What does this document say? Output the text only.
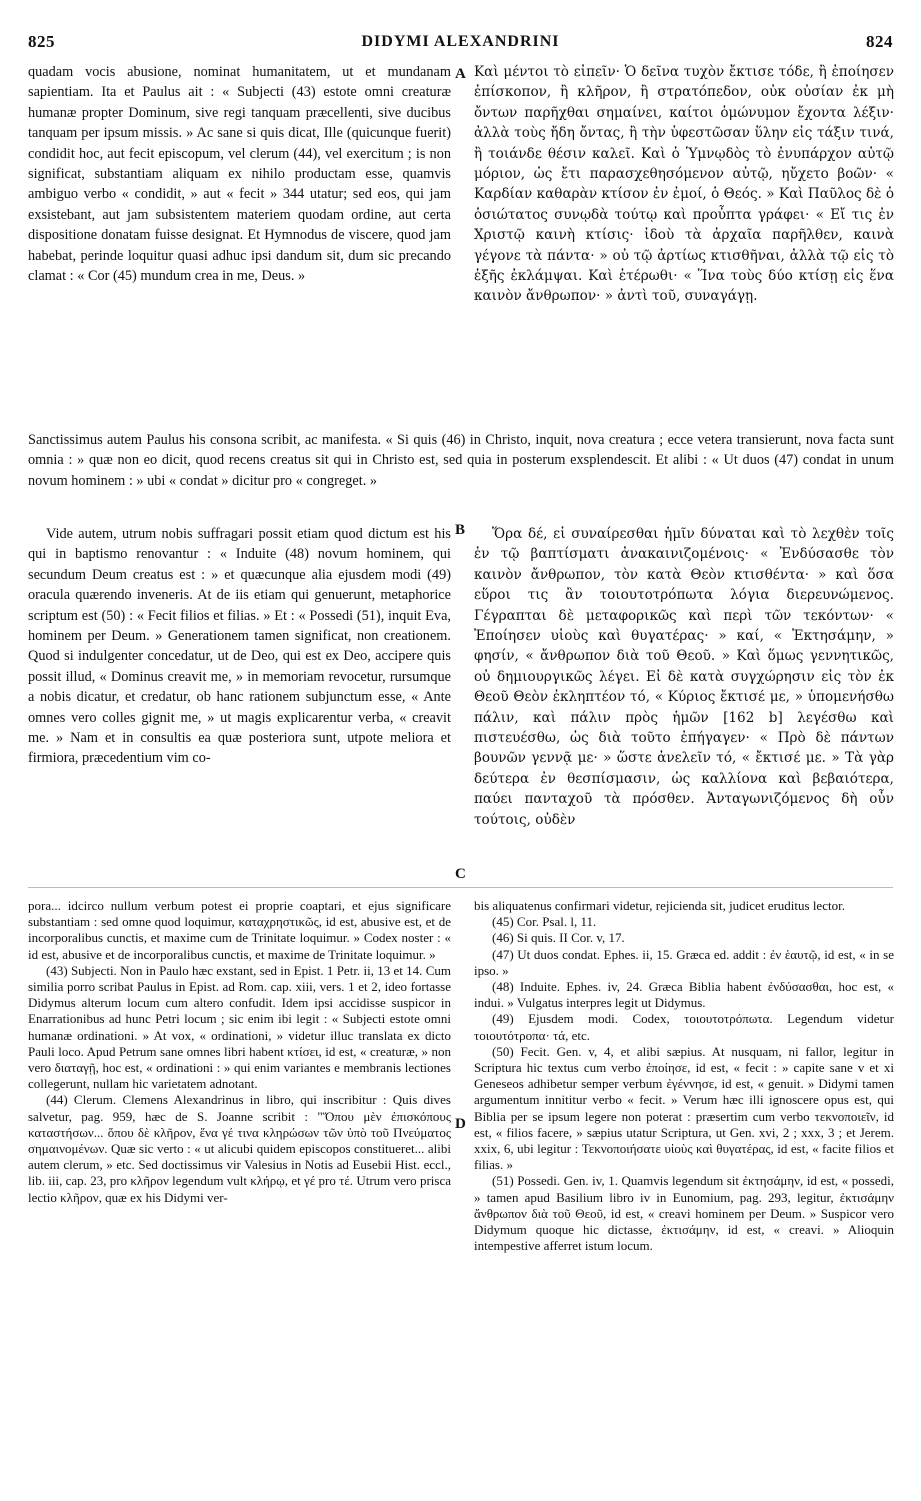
825	DIDYMI ALEXANDRINI	824

quadam vocis abusione, nominat humanitatem, ut et mundanam sapientiam. Ita et Paulus ait : « Subjecti (43) estote omni creaturæ humanæ propter Dominum, sive regi tanquam præcellenti, sive ducibus tanquam per ipsum missis. » Ac sane si quis dicat, Ille (quicunque fuerit) condidit hoc, aut fecit episcopum, vel clerum (44), vel exercitum ; is non significat, substantiam aliquam ex nihilo productam esse, quamvis ambiguo verbo « condidit, » aut « fecit » 344 utatur; sed eos, qui jam exsistebant, aut jam subsistentem materiem quodam ordine, aut certa dispositione donatam fuisse designat. Et Hymnodus de viscere, quod jam habebat, perinde loquitur quasi adhuc ipsi dandum sit, dum sic precando clamat : « Cor (45) mundum crea in me, Deus. »

A Καὶ μέντοι τὸ εἰπεῖν· Ὁ δεῖνα τυχὸν ἔκτισε τόδε, ἢ ἐποίησεν ἐπίσκοπον, ἢ κλῆρον, ἢ στρατόπεδον, οὐκ οὐσίαν ἐκ μὴ ὄντων παρῆχθαι σημαίνει, καίτοι ὁμώνυμον ἔχοντα λέξιν· ἀλλὰ τοὺς ἤδη ὄντας, ἢ τὴν ὑφεστῶσαν ὕλην εἰς τάξιν τινά, ἢ τοιάνδε θέσιν καλεῖ. Καὶ ὁ Ὑμνῳδὸς τὸ ἐνυπάρχον αὐτῷ μόριον, ὡς ἔτι παρασχεθησόμενον αὐτῷ, ηὔχετο βοῶν· « Καρδίαν καθαρὰν κτίσον ἐν ἐμοί, ὁ Θεός. » Καὶ Παῦλος δὲ ὁ ὁσιώτατος συνῳδὰ τούτῳ καὶ προὖπτα γράφει· « Εἴ τις ἐν Χριστῷ καινὴ κτίσις· ἰδοὺ τὰ ἀρχαῖα παρῆλθεν, καινὰ γέγονε τὰ πάντα· » οὐ τῷ ἀρτίως κτισθῆναι, ἀλλὰ τῷ εἰς τὸ ἑξῆς ἐκλάμψαι. Καὶ ἑτέρωθι· « Ἵνα τοὺς δύο κτίσῃ εἰς ἕνα καινὸν ἄνθρωπον· » ἀντὶ τοῦ, συναγάγῃ.

Sanctissimus autem Paulus his consona scribit, ac manifesta. « Si quis (46) in Christo, inquit, nova creatura ; ecce vetera transierunt, nova facta sunt omnia : » quæ non eo dicit, quod recens creatus sit qui in Christo est, sed quia in posterum exsplendescit. Et alibi : « Ut duos (47) condat in unum novum hominem : » ubi « condat » dicitur pro « congreget. »

Vide autem, utrum nobis suffragari possit etiam quod dictum est his qui in baptismo renovantur : « Induite (48) novum hominem, qui secundum Deum creatus est : » et quæcunque alia ejusdem modi (49) oracula quærendo inveneris. At de iis etiam qui genuerunt, metaphorice scriptum est (50) : « Fecit filios et filias. » Et : « Possedi (51), inquit Eva, hominem per Deum. » Generationem tamen significat, non creationem. Quod si indulgenter concedatur, ut de Deo, qui est ex Deo, accipere quis possit illud, « Dominus creavit me, » in memoriam revocetur, rursumque a nobis dicatur, et credatur, ob hanc rationem subjunctum esse, « Ante omnes vero colles gignit me, » ut magis explicarentur verba, « creavit me. » Nam et in consultis ea quæ posteriora sunt, utpote meliora et firmiora, præcedentium vim co-

B
C

Ὅρα δέ, εἰ συναίρεσθαι ἡμῖν δύναται καὶ τὸ λεχθὲν τοῖς ἐν τῷ βαπτίσματι ἀνακαινιζομένοις· « Ἐνδύσασθε τὸν καινὸν ἄνθρωπον, τὸν κατὰ Θεὸν κτισθέντα· » καὶ ὅσα εὕροι τις ἂν τοιουτοτρόπωτα λόγια διερευνώμενος. Γέγραπται δὲ μεταφορικῶς καὶ περὶ τῶν τεκόντων· « Ἐποίησεν υἱοὺς καὶ θυγατέρας· » καί, « Ἐκτησάμην, » φησίν, « ἄνθρωπον διὰ τοῦ Θεοῦ. » Καὶ ὅμως γεννητικῶς, οὐ δημιουργικῶς λέγει. Εἰ δὲ κατὰ συγχώρησιν εἰς τὸν ἐκ Θεοῦ Θεὸν ἐκληπτέον τό, « Κύριος ἔκτισέ με, » ὑπομενήσθω πάλιν, καὶ πάλιν πρὸς ἡμῶν [162 b] λεγέσθω καὶ πιστευέσθω, ὡς διὰ τοῦτο ἐπήγαγεν· « Πρὸ δὲ πάντων βουνῶν γεννᾷ με· » ὥστε ἀνελεῖν τό, « ἔκτισέ με. » Τὰ γὰρ δεύτερα ἐν θεσπίσμασιν, ὡς καλλίονα καὶ βεβαιότερα, παύει πανταχοῦ τὰ πρόσθεν. Ἀνταγωνιζόμενος δὴ οὖν τούτοις, οὐδὲν

pora... idcirco nullum verbum potest ei proprie coaptari, et ejus significare substantiam : sed omne quod loquimur, καταχρηστικῶς, id est, abusive est, et de incorporalibus cunctis, et maxime cum de Trinitate loquimur. » Codex noster : « id est, abusive et de incorporalibus cunctis, et maxime de Trinitate loquimur. »

(43) Subjecti. Non in Paulo hæc exstant, sed in Epist. 1 Petr. ii, 13 et 14. Cum similia porro scribat Paulus in Epist. ad Rom. cap. xiii, vers. 1 et 2, ideo fortasse Didymus alterum locum cum altero confudit. Idem ipsi accidisse suspicor in Enarrationibus ad hunc Petri locum ; sic enim ibi legit : « Subjecti estote omni humanæ ordinationi. » At vox, « ordinationi, » videtur illuc translata ex dicto Pauli loco. Apud Petrum sane omnes libri habent κτίσει, id est, « creaturæ, » non vero διαταγῇ, hoc est, « ordinationi : » qui enim variantes e membranis lectiones collegerunt, nullam hic varietatem adnotant.

(44) Clerum. Clemens Alexandrinus in libro, qui inscribitur : Quis dives salvetur, pag. 959, hæc de S. Joanne scribit : "Ὅπου μὲν ἐπισκόπους καταστήσων... ὅπου δὲ κλῆρον, ἕνα γέ τινα κληρώσων τῶν ὑπὸ τοῦ Πνεύματος σημαινομένων. Quæ sic verto : « ut alicubi quidem episcopos constitueret... alibi autem clerum, » etc. Sed doctissimus vir Valesius in Notis ad Eusebii Hist. eccl., lib. iii, cap. 23, pro κλῆρον legendum vult κλήρῳ, et γέ pro τέ. Utrum vero prisca lectio κλῆρον, quæ ex his Didymi ver-

D

bis aliquatenus confirmari videtur, rejicienda sit, judicet eruditus lector.

(45) Cor. Psal. l, 11.

(46) Si quis. II Cor. v, 17.

(47) Ut duos condat. Ephes. ii, 15. Græca ed. addit : ἐν ἑαυτῷ, id est, « in se ipso. »

(48) Induite. Ephes. iv, 24. Græca Biblia habent ἐνδύσασθαι, hoc est, « indui. » Vulgatus interpres legit ut Didymus.

(49) Ejusdem modi. Codex, τοιουτοτρόπωτα. Legendum videtur τοιουτότροπα· τά, etc.

(50) Fecit. Gen. v, 4, et alibi sæpius. At nusquam, ni fallor, legitur in Scriptura hic textus cum verbo ἐποίησε, id est, « fecit : » capite sane v et xi Geneseos adhibetur semper verbum ἐγέννησε, id est, « genuit. » Didymi tamen argumentum innititur verbo « fecit. » Verum hæc illi ignoscere opus est, qui Biblia per se ipsum legere non poterat : præsertim cum verbo τεκνοποιεῖν, id est, « filios facere, » sæpius utatur Scriptura, ut Gen. xvi, 2 ; xxx, 3 ; et Jerem. xxix, 6, ubi legitur : Τεκνοποιήσατε υἱοὺς καὶ θυγατέρας, id est, « facite filios et filias. »

(51) Possedi. Gen. iv, 1. Quamvis legendum sit ἐκτησάμην, id est, « possedi, » tamen apud Basilium libro iv in Eunomium, pag. 293, legitur, ἐκτισάμην ἄνθρωπον διὰ τοῦ Θεοῦ, id est, « creavi hominem per Deum. » Suspicor vero Didymum quoque hic dictasse, ἐκτισάμην, id est, « creavi. » Alioquin intempestive afferret istum locum.
